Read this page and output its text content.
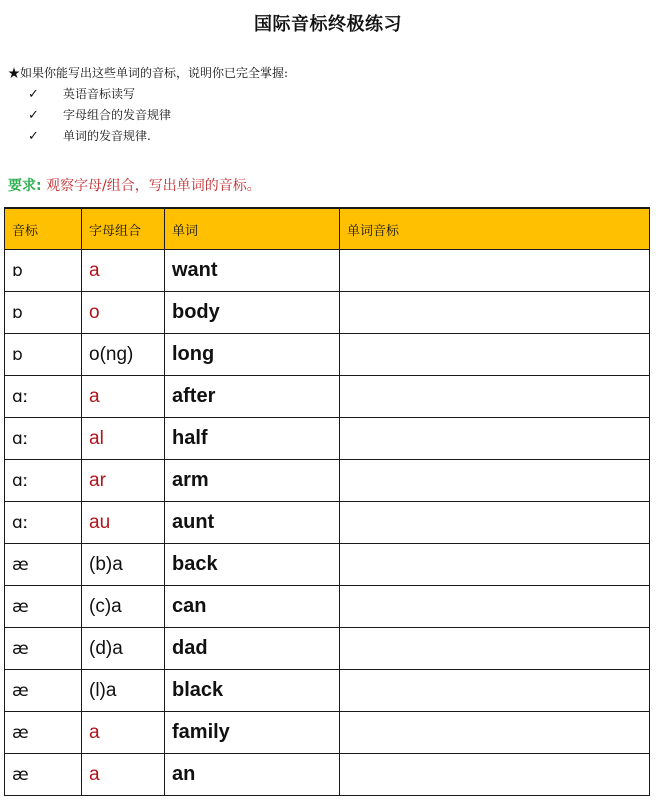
国际音标终极练习
★如果你能写出这些单词的音标，说明你已完全掌握:
✓ 英语音标读写
✓ 字母组合的发音规律
✓ 单词的发音规律.
要求: 观察字母/组合，写出单词的音标。
音标	字母组合	单词	单词音标
ɒ	a	want	
ɒ	o	body	
ɒ	o(ng)	long	
ɑː	a	after	
ɑː	al	half	
ɑː	ar	arm	
ɑː	au	aunt	
æ	(b)a	back	
æ	(c)a	can	
æ	(d)a	dad	
æ	(l)a	black	
æ	a	family	
æ	a	an	
